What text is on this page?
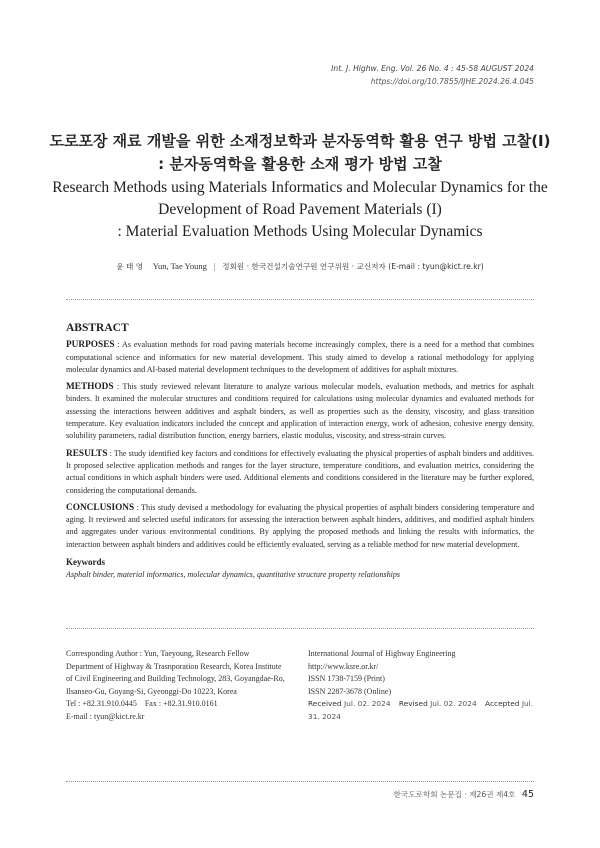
Int. J. Highw. Eng. Vol. 26 No. 4 : 45-58 AUGUST 2024
https://doi.org/10.7855/IJHE.2024.26.4.045
도로포장 재료 개발을 위한 소재정보학과 분자동역학 활용 연구 방법 고찰(I)
: 분자동역학을 활용한 소재 평가 방법 고찰
Research Methods using Materials Informatics and Molecular Dynamics for the
Development of Road Pavement Materials (I)
: Material Evaluation Methods Using Molecular Dynamics
윤 태 영 Yun, Tae Young | 정회원 · 한국건설기술연구원 연구위원 · 교신저자 (E-mail : tyun@kict.re.kr)
ABSTRACT

PURPOSES : As evaluation methods for road paving materials become increasingly complex, there is a need for a method that combines computational science and informatics for new material development. This study aimed to develop a rational methodology for applying molecular dynamics and AI-based material development techniques to the development of additives for asphalt mixtures.

METHODS : This study reviewed relevant literature to analyze various molecular models, evaluation methods, and metrics for asphalt binders. It examined the molecular structures and conditions required for calculations using molecular dynamics and evaluated methods for assessing the interactions between additives and asphalt binders, as well as properties such as the density, viscosity, and glass transition temperature. Key evaluation indicators included the concept and application of interaction energy, work of adhesion, cohesive energy density, solubility parameters, radial distribution function, energy barriers, elastic modulus, viscosity, and stress-strain curves.

RESULTS : The study identified key factors and conditions for effectively evaluating the physical properties of asphalt binders and additives. It proposed selective application methods and ranges for the layer structure, temperature conditions, and evaluation metrics, considering the actual conditions in which asphalt binders were used. Additional elements and conditions considered in the literature may be further explored, considering the computational demands.

CONCLUSIONS : This study devised a methodology for evaluating the physical properties of asphalt binders considering temperature and aging. It reviewed and selected useful indicators for assessing the interaction between asphalt binders, additives, and modified asphalt binders and aggregates under various environmental conditions. By applying the proposed methods and linking the results with informatics, the interaction between asphalt binders and additives could be efficiently evaluated, serving as a reliable method for new material development.

Keywords
Asphalt binder, material informatics, molecular dynamics, quantitative structure property relationships
Corresponding Author : Yun, Taeyoung, Research Fellow
Department of Highway & Trasnporation Research, Korea Institute
of Civil Engineering and Building Technology, 283, Goyangdae-Ro,
Ilsanseo-Gu, Goyang-Si, Gyeonggi-Do 10223, Korea
Tel : +82.31.910.0445 Fax : +82.31.910.0161
E-mail : tyun@kict.re.kr
International Journal of Highway Engineering
http://www.ksre.or.kr/
ISSN 1738-7159 (Print)
ISSN 2287-3678 (Online)
Received Jul. 02. 2024 Revised Jul. 02. 2024 Accepted Jul. 31. 2024
한국도로학회 논문집 · 제26권 제4호 45
